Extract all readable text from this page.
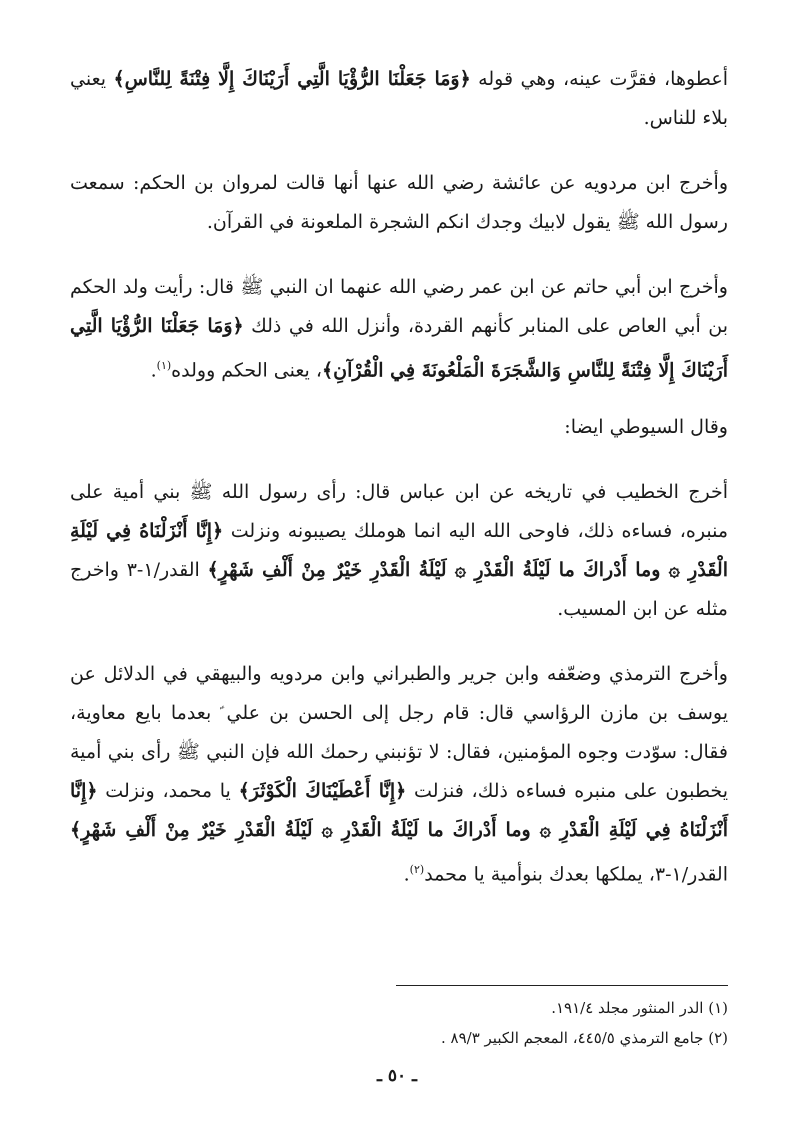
أعطوها، فقرَّت عينه، وهي قوله ﴿وَمَا جَعَلْنَا الرُّؤْيَا الَّتِي أَرَيْنَاكَ إِلَّا فِتْنَةً لِلنَّاسِ﴾ يعني بلاء للناس.

وأخرج ابن مردويه عن عائشة رضي الله عنها أنها قالت لمروان بن الحكم: سمعت رسول الله ﷺ يقول لابيك وجدك انكم الشجرة الملعونة في القرآن.

وأخرج ابن أبي حاتم عن ابن عمر رضي الله عنهما ان النبي ﷺ قال: رأيت ولد الحكم بن أبي العاص على المنابر كأنهم القردة، وأنزل الله في ذلك ﴿وَمَا جَعَلْنَا الرُّؤْيَا الَّتِي أَرَيْنَاكَ إِلَّا فِتْنَةً لِلنَّاسِ وَالشَّجَرَةَ الْمَلْعُونَةَ فِي الْقُرْآنِ﴾، يعنى الحكم وولده$^{(١)}$.

وقال السيوطي ايضا:

أخرج الخطيب في تاريخه عن ابن عباس قال: رأى رسول الله ﷺ بني أمية على منبره، فساءه ذلك، فاوحى الله اليه انما هوملك يصيبونه ونزلت ﴿إِنَّا أَنْزَلْنَاهُ فِي لَيْلَةِ الْقَدْرِ ۞ وما أَدْراكَ ما لَيْلَةُ الْقَدْرِ ۞ لَيْلَةُ الْقَدْرِ خَيْرٌ مِنْ أَلْفِ شَهْرٍ﴾ القدر/١-٣ واخرج مثله عن ابن المسيب.

وأخرج الترمذي وضعّفه وابن جرير والطبراني وابن مردويه والبيهقي في الدلائل عن يوسف بن مازن الرؤاسي قال: قام رجل إلى الحسن بن علي ؑ بعدما بايع معاوية، فقال: سوّدت وجوه المؤمنين، فقال: لا تؤنبني رحمك الله فإن النبي ﷺ رأى بني أمية يخطبون على منبره فساءه ذلك، فنزلت ﴿إِنَّا أَعْطَيْنَاكَ الْكَوْثَرَ﴾ يا محمد، ونزلت ﴿إِنَّا أَنْزَلْنَاهُ فِي لَيْلَةِ الْقَدْرِ ۞ وما أَدْراكَ ما لَيْلَةُ الْقَدْرِ ۞ لَيْلَةُ الْقَدْرِ خَيْرٌ مِنْ أَلْفِ شَهْرٍ﴾ القدر/١-٣، يملكها بعدك بنوأمية يا محمد$^{(٢)}$.

(١) الدر المنثور مجلد ١٩١/٤.

(٢) جامع الترمذي ٤٤٥/٥، المعجم الكبير ٨٩/٣ .

ـ ٥٠ ـ
